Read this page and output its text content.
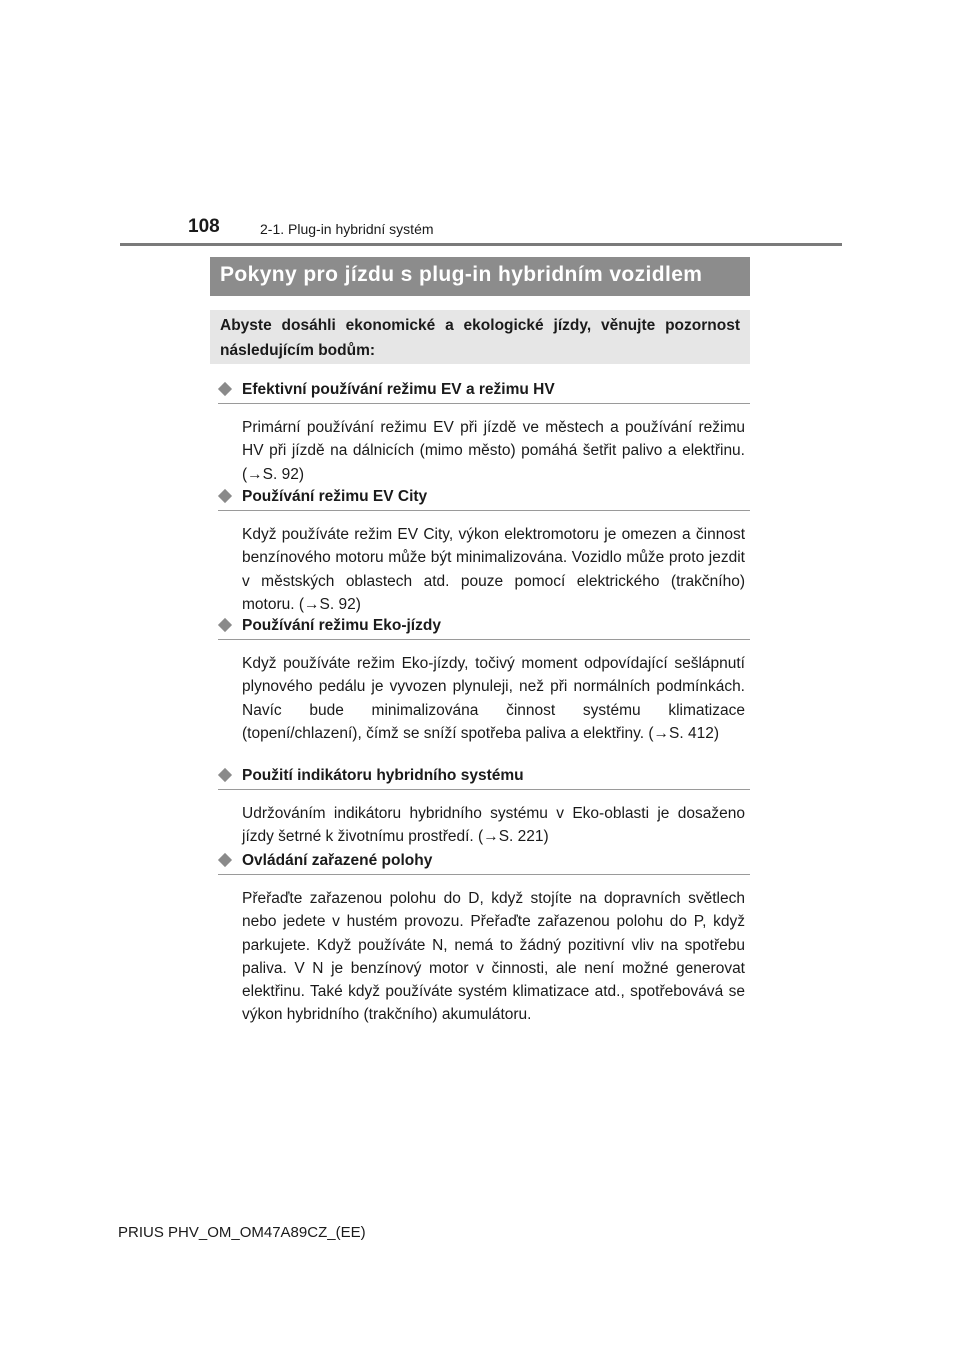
108	2-1. Plug-in hybridní systém
Pokyny pro jízdu s plug-in hybridním vozidlem
Abyste dosáhli ekonomické a ekologické jízdy, věnujte pozornost následujícím bodům:
Efektivní používání režimu EV a režimu HV
Primární používání režimu EV při jízdě ve městech a používání režimu HV při jízdě na dálnicích (mimo město) pomáhá šetřit palivo a elektřinu. (→S. 92)
Používání režimu EV City
Když používáte režim EV City, výkon elektromotoru je omezen a činnost benzínového motoru může být minimalizována. Vozidlo může proto jezdit v městských oblastech atd. pouze pomocí elektrického (trakčního) motoru. (→S. 92)
Používání režimu Eko-jízdy
Když používáte režim Eko-jízdy, točivý moment odpovídající sešlápnutí plynového pedálu je vyvozen plynuleji, než při normálních podmínkách. Navíc bude minimalizována činnost systému klimatizace (topení/chlazení), čímž se sníží spotřeba paliva a elektřiny. (→S. 412)
Použití indikátoru hybridního systému
Udržováním indikátoru hybridního systému v Eko-oblasti je dosaženo jízdy šetrné k životnímu prostředí. (→S. 221)
Ovládání zařazené polohy
Přeřaďte zařazenou polohu do D, když stojíte na dopravních světlech nebo jedete v hustém provozu. Přeřaďte zařazenou polohu do P, když parkujete. Když používáte N, nemá to žádný pozitivní vliv na spotřebu paliva. V N je benzínový motor v činnosti, ale není možné generovat elektřinu. Také když používáte systém klimatizace atd., spotřebovává se výkon hybridního (trakčního) akumulátoru.
PRIUS PHV_OM_OM47A89CZ_(EE)
